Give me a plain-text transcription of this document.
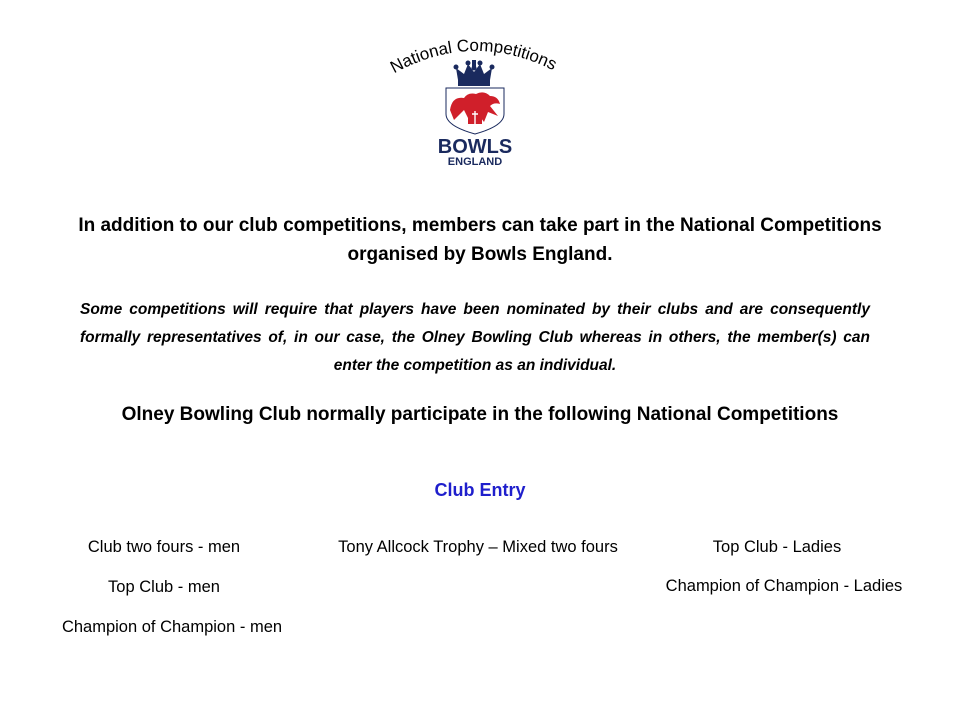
National Competitions
BOWLS
ENGLAND

In addition to our club competitions, members can take part in the National Competitions organised by Bowls England.

Some competitions will require that players have been nominated by their clubs and are consequently formally representatives of, in our case, the Olney Bowling Club whereas in others, the member(s) can enter the competition as an individual.

Olney Bowling Club normally participate in the following National Competitions

Club Entry

Club two fours - men

Top Club - men

Champion of Champion - men

Tony Allcock Trophy – Mixed two fours	Top Club - Ladies

Champion of Champion - Ladies
